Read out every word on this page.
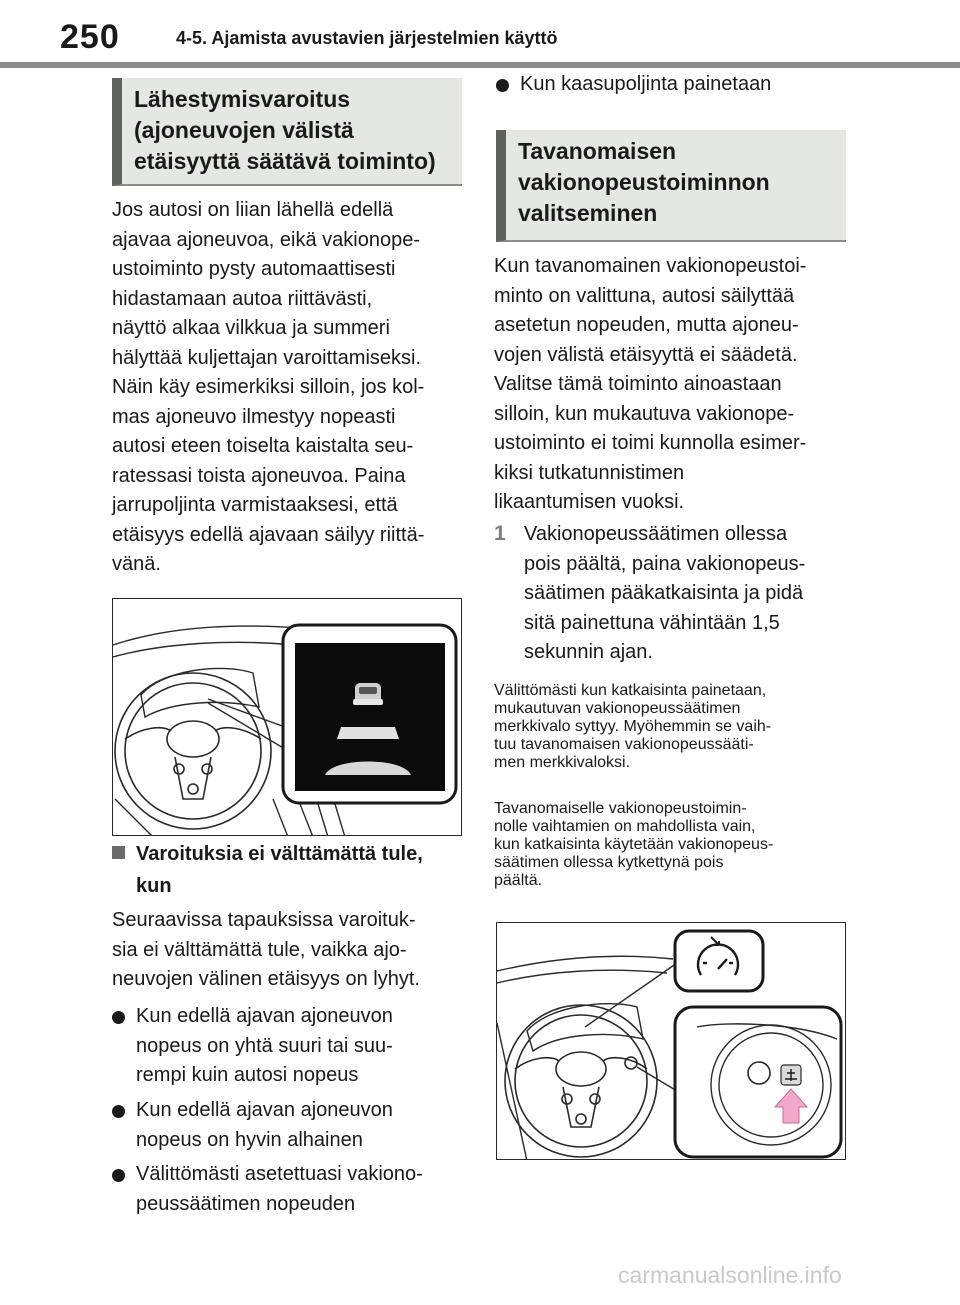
250	4-5. Ajamista avustavien järjestelmien käyttö
Lähestymisvaroitus
(ajoneuvojen välistä
etäisyyttä säätävä toiminto)
Jos autosi on liian lähellä edellä
ajavaa ajoneuvoa, eikä vakionope-
ustoiminto pysty automaattisesti
hidastamaan autoa riittävästi,
näyttö alkaa vilkkua ja summeri
hälyttää kuljettajan varoittamiseksi.
Näin käy esimerkiksi silloin, jos kol-
mas ajoneuvo ilmestyy nopeasti
autosi eteen toiselta kaistalta seu-
ratessasi toista ajoneuvoa. Paina
jarrupoljinta varmistaaksesi, että
etäisyys edellä ajavaan säilyy riittä-
vänä.
Varoituksia ei välttämättä tule,
kun
Seuraavissa tapauksissa varoituk-
sia ei välttämättä tule, vaikka ajo-
neuvojen välinen etäisyys on lyhyt.
Kun edellä ajavan ajoneuvon
nopeus on yhtä suuri tai suu-
rempi kuin autosi nopeus
Kun edellä ajavan ajoneuvon
nopeus on hyvin alhainen
Välittömästi asetettuasi vakiono-
peussäätimen nopeuden
Kun kaasupoljinta painetaan
Tavanomaisen
vakionopeustoiminnon
valitseminen
Kun tavanomainen vakionopeustoi-
minto on valittuna, autosi säilyttää
asetetun nopeuden, mutta ajoneu-
vojen välistä etäisyyttä ei säädetä.
Valitse tämä toiminto ainoastaan
silloin, kun mukautuva vakionope-
ustoiminto ei toimi kunnolla esimer-
kiksi tutkatunnistimen
likaantumisen vuoksi.
1 Vakionopeussäätimen ollessa
pois päältä, paina vakionopeus-
säätimen pääkatkaisinta ja pidä
sitä painettuna vähintään 1,5
sekunnin ajan.
Välittömästi kun katkaisinta painetaan,
mukautuvan vakionopeussäätimen
merkkivalo syttyy. Myöhemmin se vaih-
tuu tavanomaisen vakionopeussääti-
men merkkivaloksi.
Tavanomaiselle vakionopeustoimin-
nolle vaihtamien on mahdollista vain,
kun katkaisinta käytetään vakionopeus-
säätimen ollessa kytkettynä pois
päältä.
carmanualsonline.info
